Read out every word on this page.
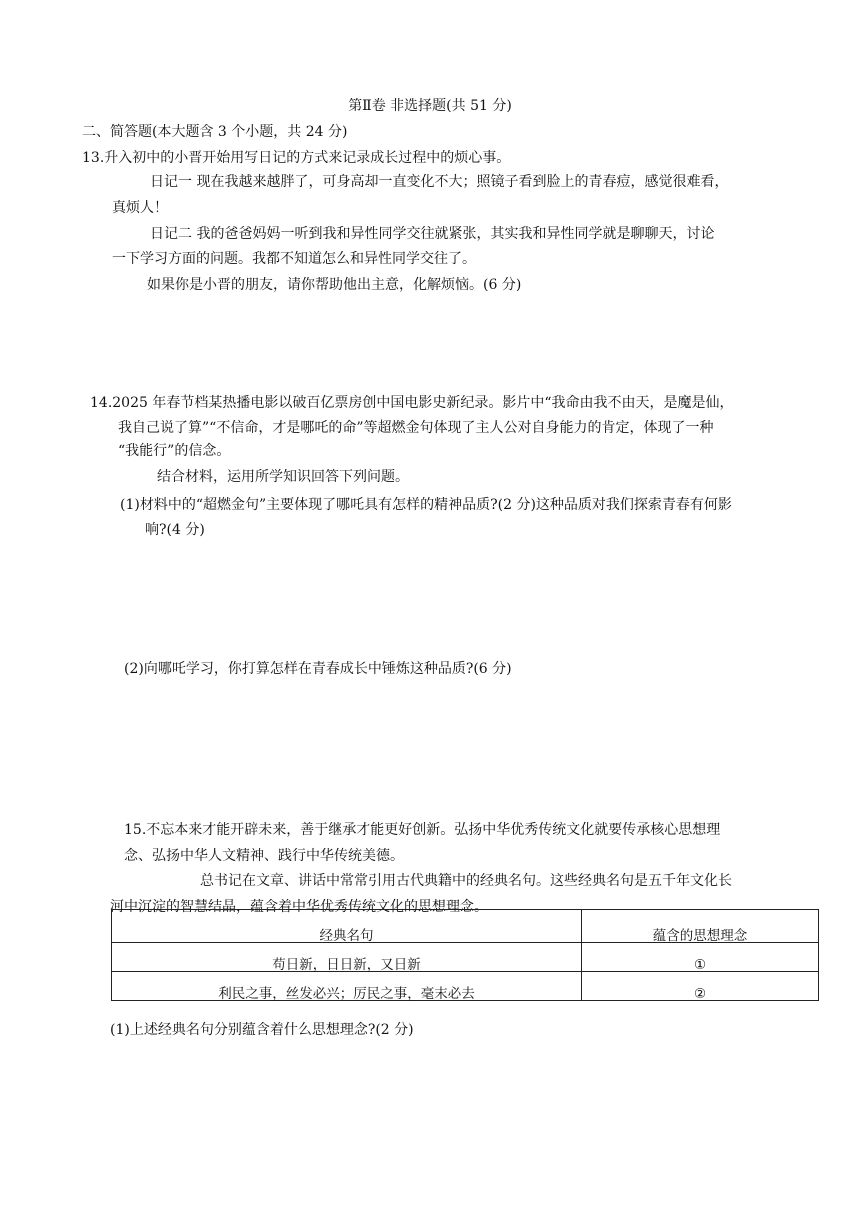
第Ⅱ卷 非选择题(共 51 分)
二、简答题(本大题含 3 个小题，共 24 分)
13.升入初中的小晋开始用写日记的方式来记录成长过程中的烦心事。
日记一 现在我越来越胖了，可身高却一直变化不大；照镜子看到脸上的青春痘，感觉很难看，
真烦人！
日记二 我的爸爸妈妈一听到我和异性同学交往就紧张，其实我和异性同学就是聊聊天，讨论
一下学习方面的问题。我都不知道怎么和异性同学交往了。
如果你是小晋的朋友，请你帮助他出主意，化解烦恼。(6 分)
14.2025 年春节档某热播电影以破百亿票房创中国电影史新纪录。影片中“我命由我不由天，是魔是仙，
我自己说了算”“不信命，才是哪吒的命”等超燃金句体现了主人公对自身能力的肯定，体现了一种
“我能行”的信念。
结合材料，运用所学知识回答下列问题。
(1)材料中的“超燃金句”主要体现了哪吒具有怎样的精神品质?(2 分)这种品质对我们探索青春有何影
响?(4 分)
(2)向哪吒学习，你打算怎样在青春成长中锤炼这种品质?(6 分)
15.不忘本来才能开辟未来，善于继承才能更好创新。弘扬中华优秀传统文化就要传承核心思想理
念、弘扬中华人文精神、践行中华传统美德。
总书记在文章、讲话中常常引用古代典籍中的经典名句。这些经典名句是五千年文化长
河中沉淀的智慧结晶，蕴含着中华优秀传统文化的思想理念。
经典名句	蕴含的思想理念

苟日新，日日新，又日新	①

利民之事，丝发必兴；厉民之事，毫末必去	②
(1)上述经典名句分别蕴含着什么思想理念?(2 分)
